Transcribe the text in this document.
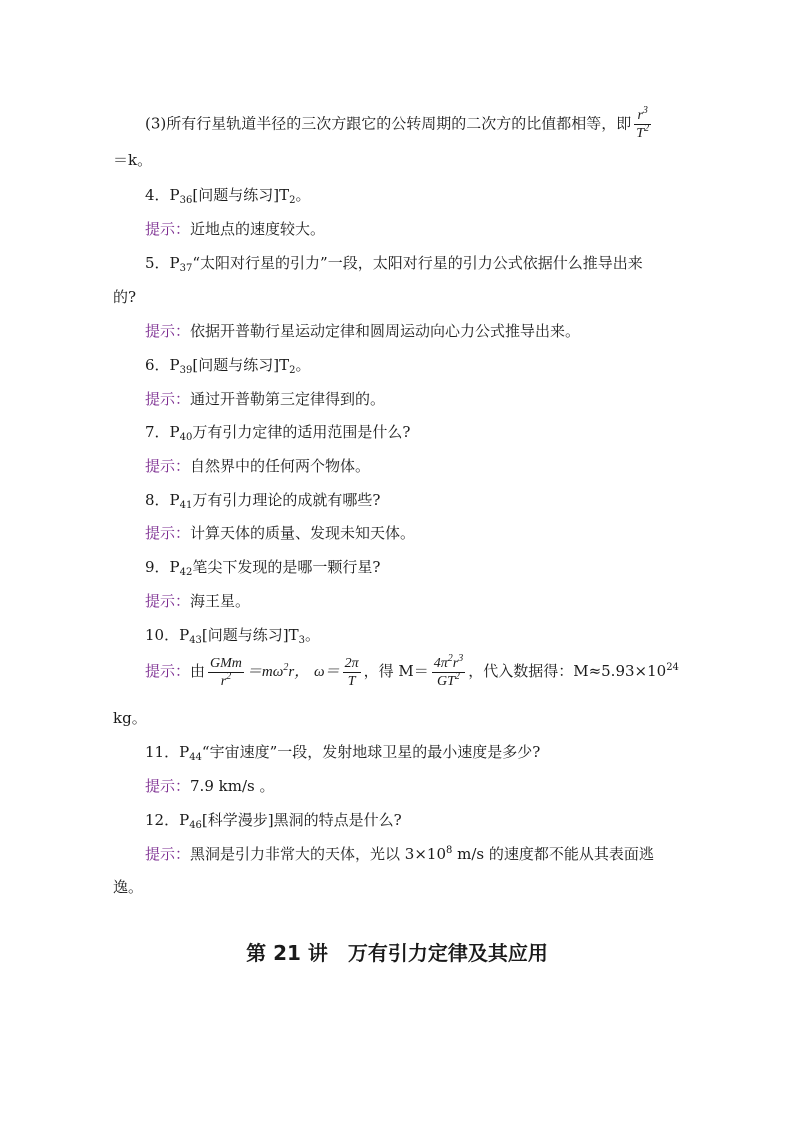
(3)所有行星轨道半径的三次方跟它的公转周期的二次方的比值都相等，即 $\frac{r^3}{T^2}$
＝k。
4．$P_{36}$[问题与练习]$T_2$。
提示：近地点的速度较大。
5．$P_{37}“$太阳对行星的引力”一段，太阳对行星的引力公式依据什么推导出来
的?
提示：依据开普勒行星运动定律和圆周运动向心力公式推导出来。
6．$P_{39}$[问题与练习]$T_2$。
提示：通过开普勒第三定律得到的。
7．$P_{40}$万有引力定律的适用范围是什么?
提示：自然界中的任何两个物体。
8．$P_{41}$万有引力理论的成就有哪些?
提示：计算天体的质量、发现未知天体。
9．$P_{42}$笔尖下发现的是哪一颗行星?
提示：海王星。
10．$P_{43}$[问题与练习]$T_3$。
提示：由 $\frac{\text{GMm}}{r^2} =m\omega^2r$， $\omega= \frac{2\pi}{T}$ ，得 $M= \frac{4\pi^2r^3}{GT^2}$ ，代入数据得：$M\approx 5.93\times 10^{24}$
kg。
11．$P_{44}“$宇宙速度”一段，发射地球卫星的最小速度是多少?
提示：7.9 km/s 。
12．$P_{46}$[科学漫步]黑洞的特点是什么?
提示：黑洞是引力非常大的天体，光以 $3\times 10^8$ m/s 的速度都不能从其表面逃
逸。
第 21 讲　万有引力定律及其应用
